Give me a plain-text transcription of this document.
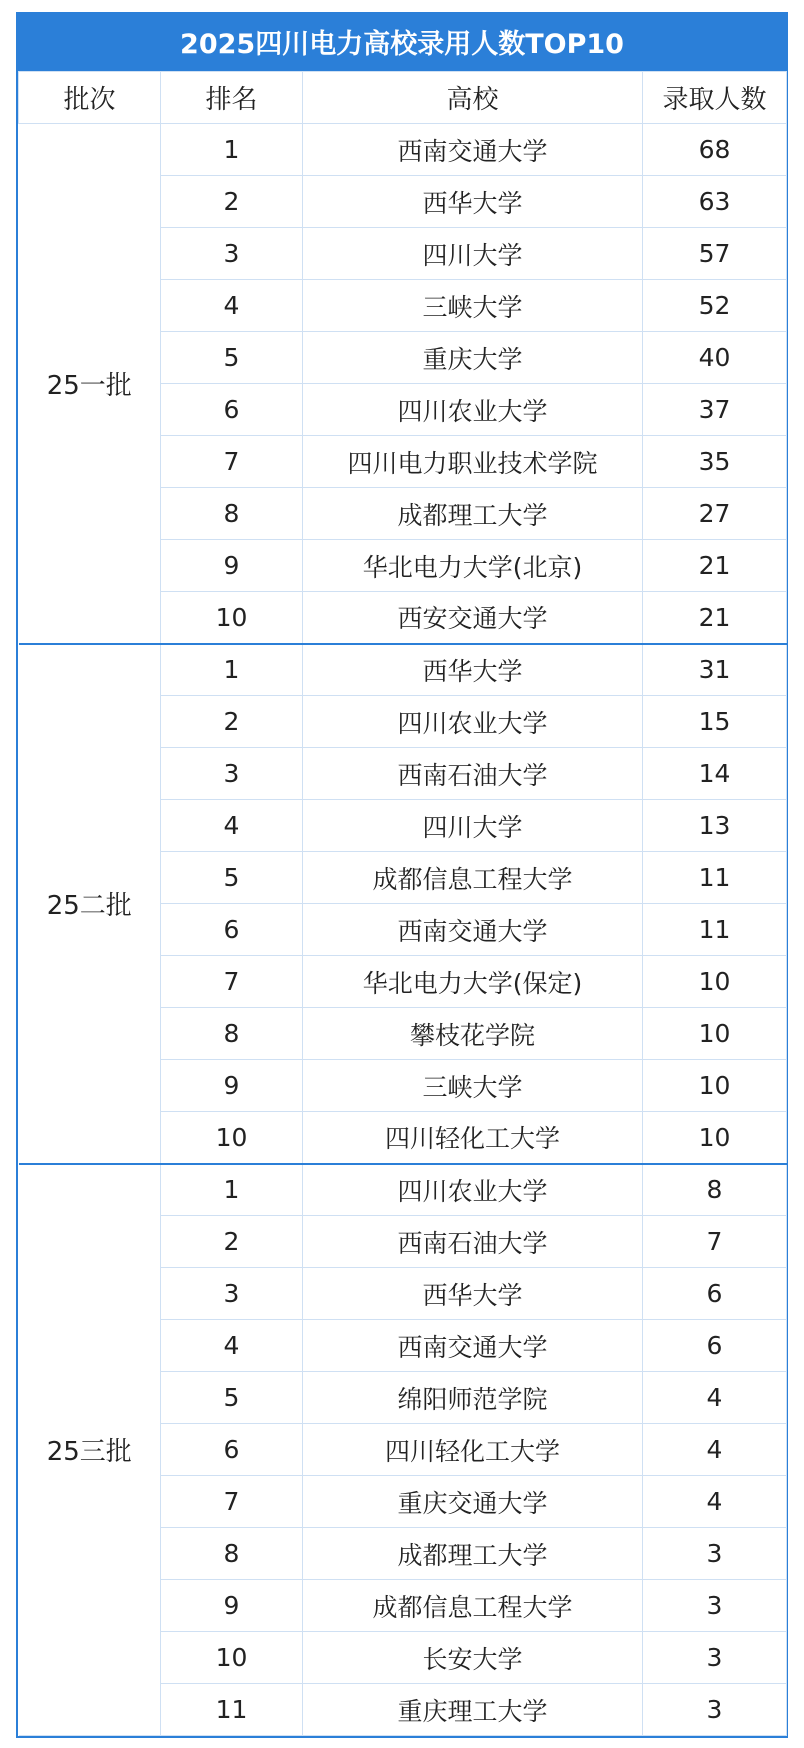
2025四川电力高校录用人数TOP10
批次	排名	高校	录取人数
25一批	1	西南交通大学	68
	2	西华大学	63
	3	四川大学	57
	4	三峡大学	52
	5	重庆大学	40
	6	四川农业大学	37
	7	四川电力职业技术学院	35
	8	成都理工大学	27
	9	华北电力大学(北京)	21
	10	西安交通大学	21
25二批	1	西华大学	31
	2	四川农业大学	15
	3	西南石油大学	14
	4	四川大学	13
	5	成都信息工程大学	11
	6	西南交通大学	11
	7	华北电力大学(保定)	10
	8	攀枝花学院	10
	9	三峡大学	10
	10	四川轻化工大学	10
25三批	1	四川农业大学	8
	2	西南石油大学	7
	3	西华大学	6
	4	西南交通大学	6
	5	绵阳师范学院	4
	6	四川轻化工大学	4
	7	重庆交通大学	4
	8	成都理工大学	3
	9	成都信息工程大学	3
	10	长安大学	3
	11	重庆理工大学	3
